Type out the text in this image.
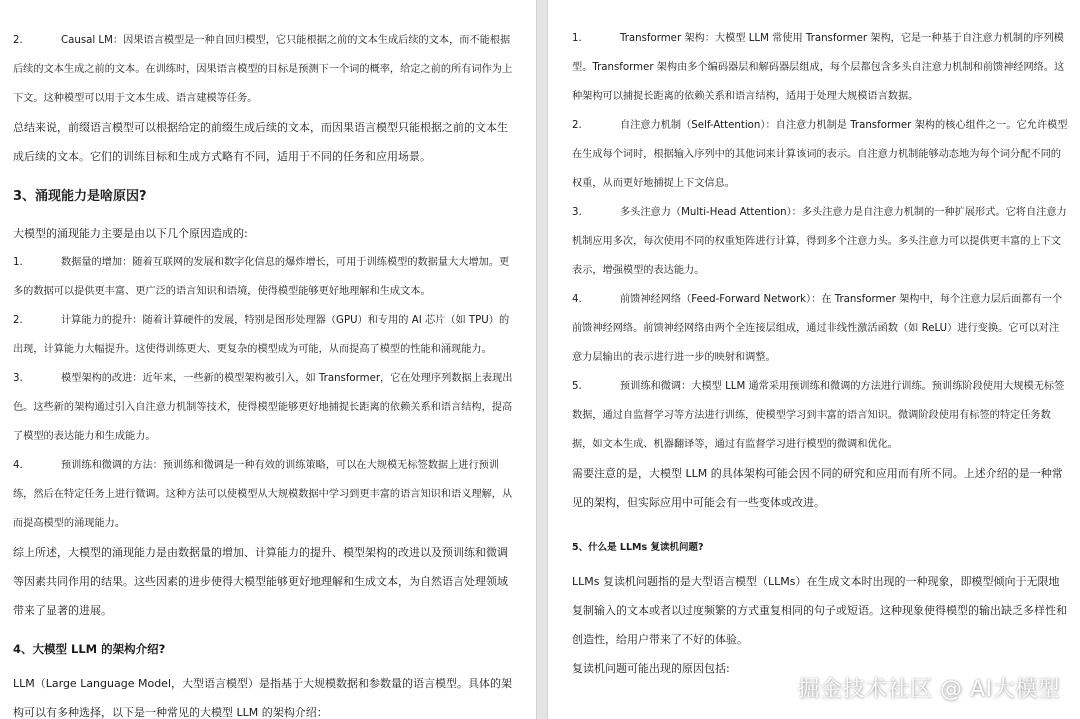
2.	Causal LM：因果语言模型是一种自回归模型，它只能根据之前的文本生成后续的文本，而不能根据后续的文本生成之前的文本。在训练时，因果语言模型的目标是预测下一个词的概率，给定之前的所有词作为上下文。这种模型可以用于文本生成、语言建模等任务。

总结来说，前缀语言模型可以根据给定的前缀生成后续的文本，而因果语言模型只能根据之前的文本生成后续的文本。它们的训练目标和生成方式略有不同，适用于不同的任务和应用场景。

3、涌现能力是啥原因?

大模型的涌现能力主要是由以下几个原因造成的:

1.	数据量的增加：随着互联网的发展和数字化信息的爆炸增长，可用于训练模型的数据量大大增加。更多的数据可以提供更丰富、更广泛的语言知识和语境，使得模型能够更好地理解和生成文本。
2.	计算能力的提升：随着计算硬件的发展，特别是图形处理器（GPU）和专用的 AI 芯片（如 TPU）的出现，计算能力大幅提升。这使得训练更大、更复杂的模型成为可能，从而提高了模型的性能和涌现能力。
3.	模型架构的改进：近年来，一些新的模型架构被引入，如 Transformer，它在处理序列数据上表现出色。这些新的架构通过引入自注意力机制等技术，使得模型能够更好地捕捉长距离的依赖关系和语言结构，提高了模型的表达能力和生成能力。
4.	预训练和微调的方法：预训练和微调是一种有效的训练策略，可以在大规模无标签数据上进行预训练，然后在特定任务上进行微调。这种方法可以使模型从大规模数据中学习到更丰富的语言知识和语义理解，从而提高模型的涌现能力。

综上所述，大模型的涌现能力是由数据量的增加、计算能力的提升、模型架构的改进以及预训练和微调等因素共同作用的结果。这些因素的进步使得大模型能够更好地理解和生成文本，为自然语言处理领域带来了显著的进展。

4、大模型 LLM 的架构介绍?

LLM（Large Language Model，大型语言模型）是指基于大规模数据和参数量的语言模型。具体的架构可以有多种选择，以下是一种常见的大模型 LLM 的架构介绍：

1.	Transformer 架构：大模型 LLM 常使用 Transformer 架构，它是一种基于自注意力机制的序列模型。Transformer 架构由多个编码器层和解码器层组成，每个层都包含多头自注意力机制和前馈神经网络。这种架构可以捕捉长距离的依赖关系和语言结构，适用于处理大规模语言数据。
2.	自注意力机制（Self-Attention）：自注意力机制是 Transformer 架构的核心组件之一。它允许模型在生成每个词时，根据输入序列中的其他词来计算该词的表示。自注意力机制能够动态地为每个词分配不同的权重，从而更好地捕捉上下文信息。
3.	多头注意力（Multi-Head Attention）：多头注意力是自注意力机制的一种扩展形式。它将自注意力机制应用多次，每次使用不同的权重矩阵进行计算，得到多个注意力头。多头注意力可以提供更丰富的上下文表示，增强模型的表达能力。
4.	前馈神经网络（Feed-Forward Network）：在 Transformer 架构中，每个注意力层后面都有一个前馈神经网络。前馈神经网络由两个全连接层组成，通过非线性激活函数（如 ReLU）进行变换。它可以对注意力层输出的表示进行进一步的映射和调整。
5.	预训练和微调：大模型 LLM 通常采用预训练和微调的方法进行训练。预训练阶段使用大规模无标签数据，通过自监督学习等方法进行训练，使模型学习到丰富的语言知识。微调阶段使用有标签的特定任务数据，如文本生成、机器翻译等，通过有监督学习进行模型的微调和优化。

需要注意的是，大模型 LLM 的具体架构可能会因不同的研究和应用而有所不同。上述介绍的是一种常见的架构，但实际应用中可能会有一些变体或改进。

5、什么是 LLMs 复读机问题?

LLMs 复读机问题指的是大型语言模型（LLMs）在生成文本时出现的一种现象，即模型倾向于无限地复制输入的文本或者以过度频繁的方式重复相同的句子或短语。这种现象使得模型的输出缺乏多样性和创造性，给用户带来了不好的体验。

复读机问题可能出现的原因包括:

掘金技术社区 @ AI大模型
